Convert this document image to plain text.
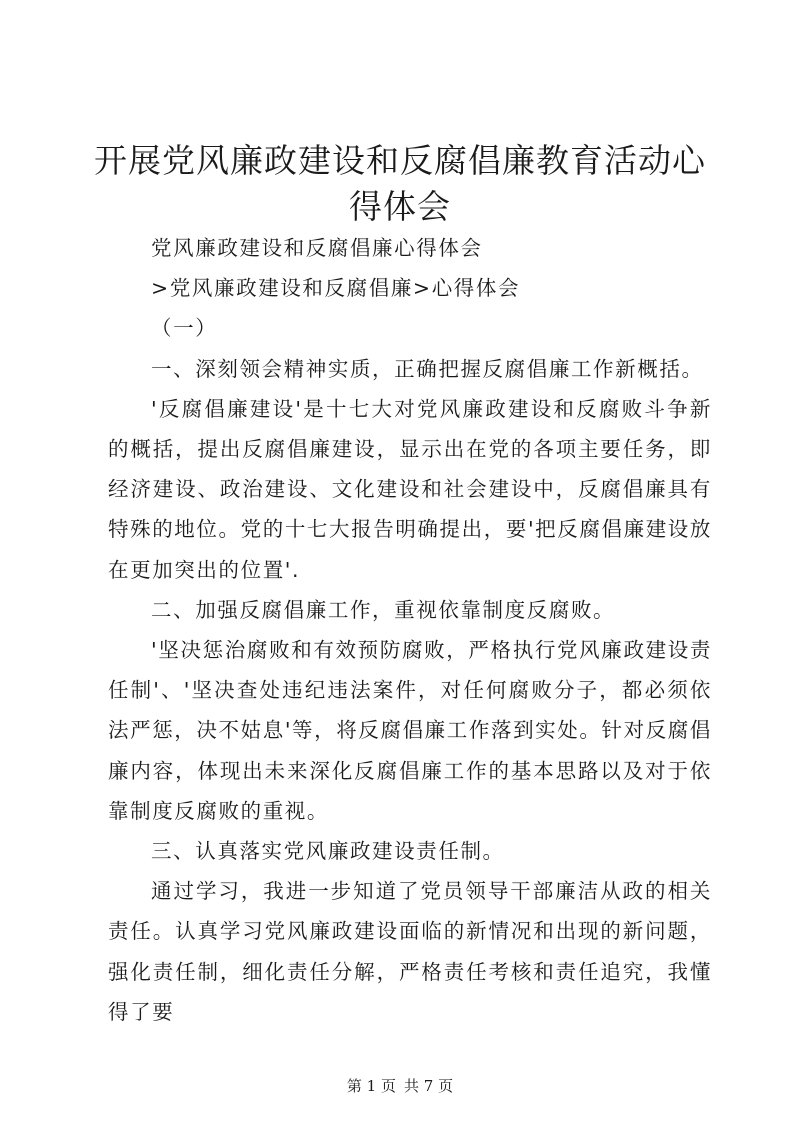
开展党风廉政建设和反腐倡廉教育活动心得体会

党风廉政建设和反腐倡廉心得体会

>党风廉政建设和反腐倡廉>心得体会

（一）

一、深刻领会精神实质，正确把握反腐倡廉工作新概括。

'反腐倡廉建设'是十七大对党风廉政建设和反腐败斗争新的概括，提出反腐倡廉建设，显示出在党的各项主要任务，即经济建设、政治建设、文化建设和社会建设中，反腐倡廉具有特殊的地位。党的十七大报告明确提出，要'把反腐倡廉建设放在更加突出的位置'.

二、加强反腐倡廉工作，重视依靠制度反腐败。

'坚决惩治腐败和有效预防腐败，严格执行党风廉政建设责任制'、'坚决查处违纪违法案件，对任何腐败分子，都必须依法严惩，决不姑息'等，将反腐倡廉工作落到实处。针对反腐倡廉内容，体现出未来深化反腐倡廉工作的基本思路以及对于依靠制度反腐败的重视。

三、认真落实党风廉政建设责任制。

通过学习，我进一步知道了党员领导干部廉洁从政的相关责任。认真学习党风廉政建设面临的新情况和出现的新问题，强化责任制，细化责任分解，严格责任考核和责任追究，我懂得了要

第 1 页 共 7 页
